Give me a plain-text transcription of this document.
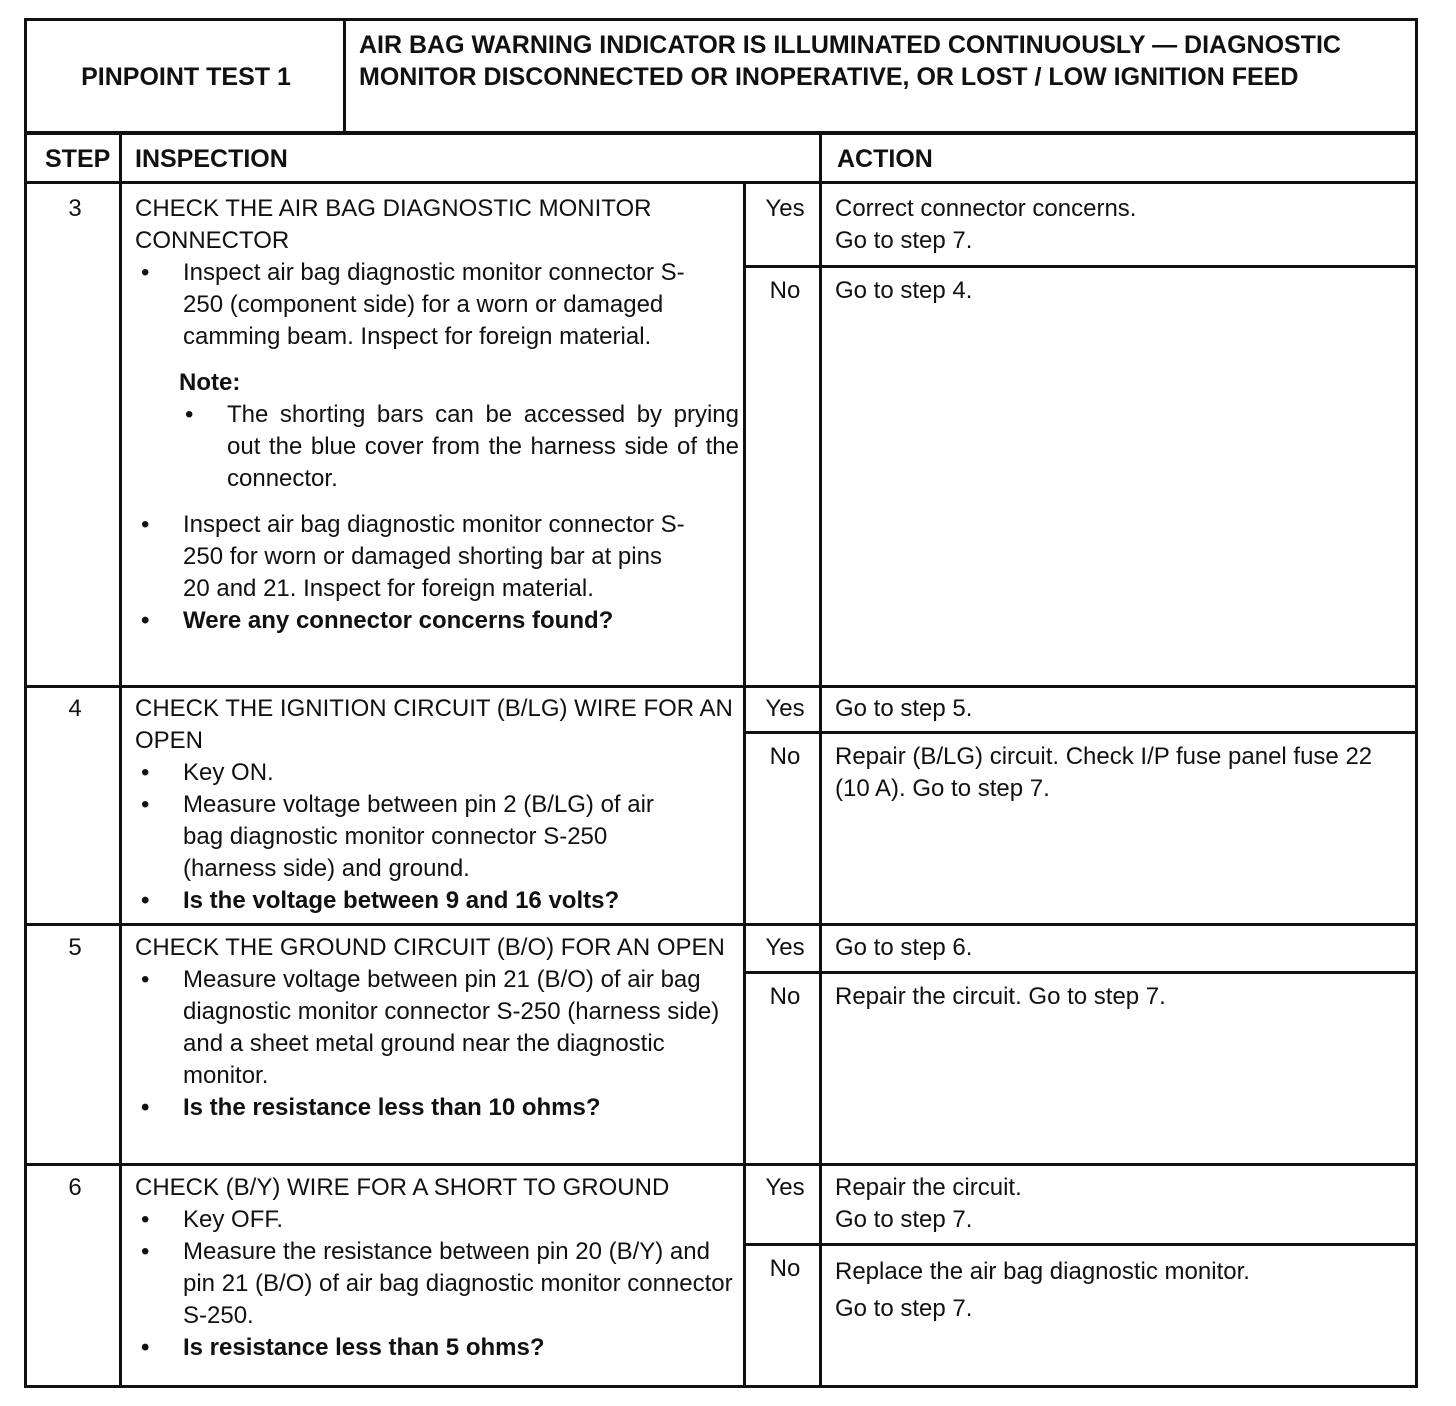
PINPOINT TEST 1
AIR BAG WARNING INDICATOR IS ILLUMINATED CONTINUOUSLY — DIAGNOSTIC MONITOR DISCONNECTED OR INOPERATIVE, OR LOST / LOW IGNITION FEED
STEP INSPECTION	ACTION
3	CHECK THE AIR BAG DIAGNOSTIC MONITOR CONNECTOR
• Inspect air bag diagnostic monitor connector S-250 (component side) for a worn or damaged camming beam. Inspect for foreign material.
Note:
• The shorting bars can be accessed by prying out the blue cover from the harness side of the connector.
• Inspect air bag diagnostic monitor connector S-250 for worn or damaged shorting bar at pins 20 and 21. Inspect for foreign material.
• Were any connector concerns found?
Yes	Correct connector concerns.
Go to step 7.
No	Go to step 4.
4	CHECK THE IGNITION CIRCUIT (B/LG) WIRE FOR AN OPEN
• Key ON.
• Measure voltage between pin 2 (B/LG) of air bag diagnostic monitor connector S-250 (harness side) and ground.
• Is the voltage between 9 and 16 volts?
Yes	Go to step 5.
No	Repair (B/LG) circuit. Check I/P fuse panel fuse 22 (10 A). Go to step 7.
5	CHECK THE GROUND CIRCUIT (B/O) FOR AN OPEN
• Measure voltage between pin 21 (B/O) of air bag diagnostic monitor connector S-250 (harness side) and a sheet metal ground near the diagnostic monitor.
• Is the resistance less than 10 ohms?
Yes	Go to step 6.
No	Repair the circuit. Go to step 7.
6	CHECK (B/Y) WIRE FOR A SHORT TO GROUND
• Key OFF.
• Measure the resistance between pin 20 (B/Y) and pin 21 (B/O) of air bag diagnostic monitor connector S-250.
• Is resistance less than 5 ohms?
Yes	Repair the circuit.
Go to step 7.
No	Replace the air bag diagnostic monitor.
Go to step 7.
